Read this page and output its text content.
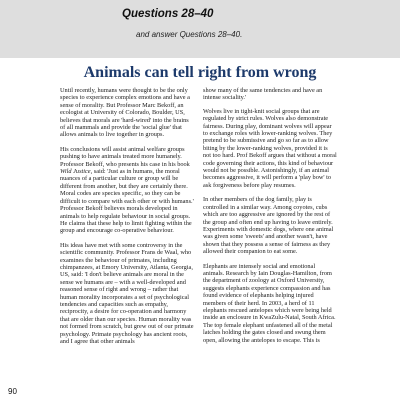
Questions 28–40
and answer Questions 28–40.
Animals can tell right from wrong

Until recently, humans were thought to be the only species to experience complex emotions and have a sense of morality. But Professor Marc Bekoff, an ecologist at University of Colorado, Boulder, US, believes that morals are 'hard-wired' into the brains of all mammals and provide the 'social glue' that allows animals to live together in groups.

His conclusions will assist animal welfare groups pushing to have animals treated more humanely. Professor Bekoff, who presents his case in his book Wild Justice, said: 'Just as in humans, the moral nuances of a particular culture or group will be different from another, but they are certainly there. Moral codes are species specific, so they can be difficult to compare with each other or with humans.' Professor Bekoff believes morals developed in animals to help regulate behaviour in social groups. He claims that these help to limit fighting within the group and encourage co-operative behaviour.

His ideas have met with some controversy in the scientific community. Professor Frans de Waal, who examines the behaviour of primates, including chimpanzees, at Emory University, Atlanta, Georgia, US, said: 'I don't believe animals are moral in the sense we humans are – with a well-developed and reasoned sense of right and wrong – rather that human morality incorporates a set of psychological tendencies and capacities such as empathy, reciprocity, a desire for co-operation and harmony that are older than our species. Human morality was not formed from scratch, but grew out of our primate psychology. Primate psychology has ancient roots, and I agree that other animals

show many of the same tendencies and have an intense sociality.'

Wolves live in tight-knit social groups that are regulated by strict rules. Wolves also demonstrate fairness. During play, dominant wolves will appear to exchange roles with lower-ranking wolves. They pretend to be submissive and go so far as to allow biting by the lower-ranking wolves, provided it is not too hard. Prof Bekoff argues that without a moral code governing their actions, this kind of behaviour would not be possible. Astonishingly, if an animal becomes aggressive, it will perform a 'play bow' to ask forgiveness before play resumes.

In other members of the dog family, play is controlled in a similar way. Among coyotes, cubs which are too aggressive are ignored by the rest of the group and often end up having to leave entirely. Experiments with domestic dogs, where one animal was given some 'sweets' and another wasn't, have shown that they possess a sense of fairness as they allowed their companion to eat some.

Elephants are intensely social and emotional animals. Research by Iain Douglas-Hamilton, from the department of zoology at Oxford University, suggests elephants experience compassion and has found evidence of elephants helping injured members of their herd. In 2003, a herd of 11 elephants rescued antelopes which were being held inside an enclosure in KwaZulu-Natal, South Africa. The top female elephant unfastened all of the metal latches holding the gates closed and swung them open, allowing the antelopes to escape. This is

90
